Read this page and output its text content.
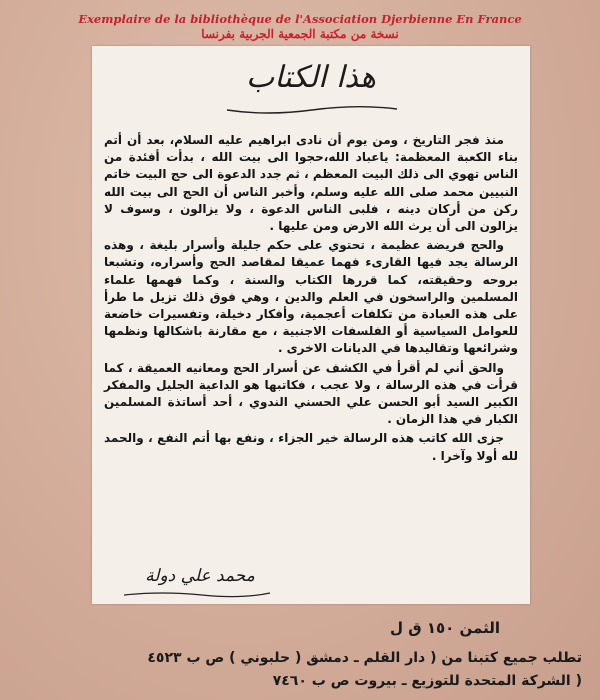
Exemplaire de la bibliothèque de l'Association Djerbienne En France
نسخة من مكتبة الجمعية الجربية بفرنسا
هذا الكتاب

منذ فجر التاريخ ، ومن يوم أن نادى ابراهيم عليه السلام، بعد أن أتم بناء الكعبة المعظمة: ياعباد الله،حجوا الى بيت الله ، بدأت أفئدة من الناس تهوي الى ذلك البيت المعظم ، ثم جدد الدعوة الى حج البيت خاتم النبيين محمد صلى الله عليه وسلم، وأخبر الناس أن الحج الى بيت الله ركن من أركان دينه ، فلبى الناس الدعوة ، ولا يزالون ، وسوف لا يزالون الى أن يرث الله الارض ومن عليها .

والحج فريضة عظيمة ، تحتوي على حكم جليلة وأسرار بليغة ، وهذه الرسالة يجد فيها القارىء فهما عميقا لمقاصد الحج وأسراره، وتشبعا بروحه وحقيقته، كما قررها الكتاب والسنة ، وكما فهمها علماء المسلمين والراسخون في العلم والدين ، وهي فوق ذلك تزيل ما طرأ على هذه العبادة من تكلفات أعجمية، وأفكار دخيلة، وتفسيرات خاضعة للعوامل السياسية أو الفلسفات الاجنبية ، مع مقارنة باشكالها ونظمها وشرائعها وتقاليدها في الديانات الاخرى .

والحق أني لم أقرأ في الكشف عن أسرار الحج ومعانيه العميقة ، كما قرأت في هذه الرسالة ، ولا عجب ، فكاتبها هو الداعية الجليل والمفكر الكبير السيد أبو الحسن علي الحسني الندوي ، أحد أساتذة المسلمين الكبار في هذا الزمان .

جزى الله كاتب هذه الرسالة خير الجزاء ، ونفع بها أتم النفع ، والحمد لله أولا وآخرا .

محمد علي دولة
الثمن ١٥٠ ق ل
تطلب جميع كتبنا من ( دار القلم ـ دمشق ( حلبوني ) ص ب ٤٥٢٣
( الشركة المتحدة للتوزيع ـ بيروت ص ب ٧٤٦٠
